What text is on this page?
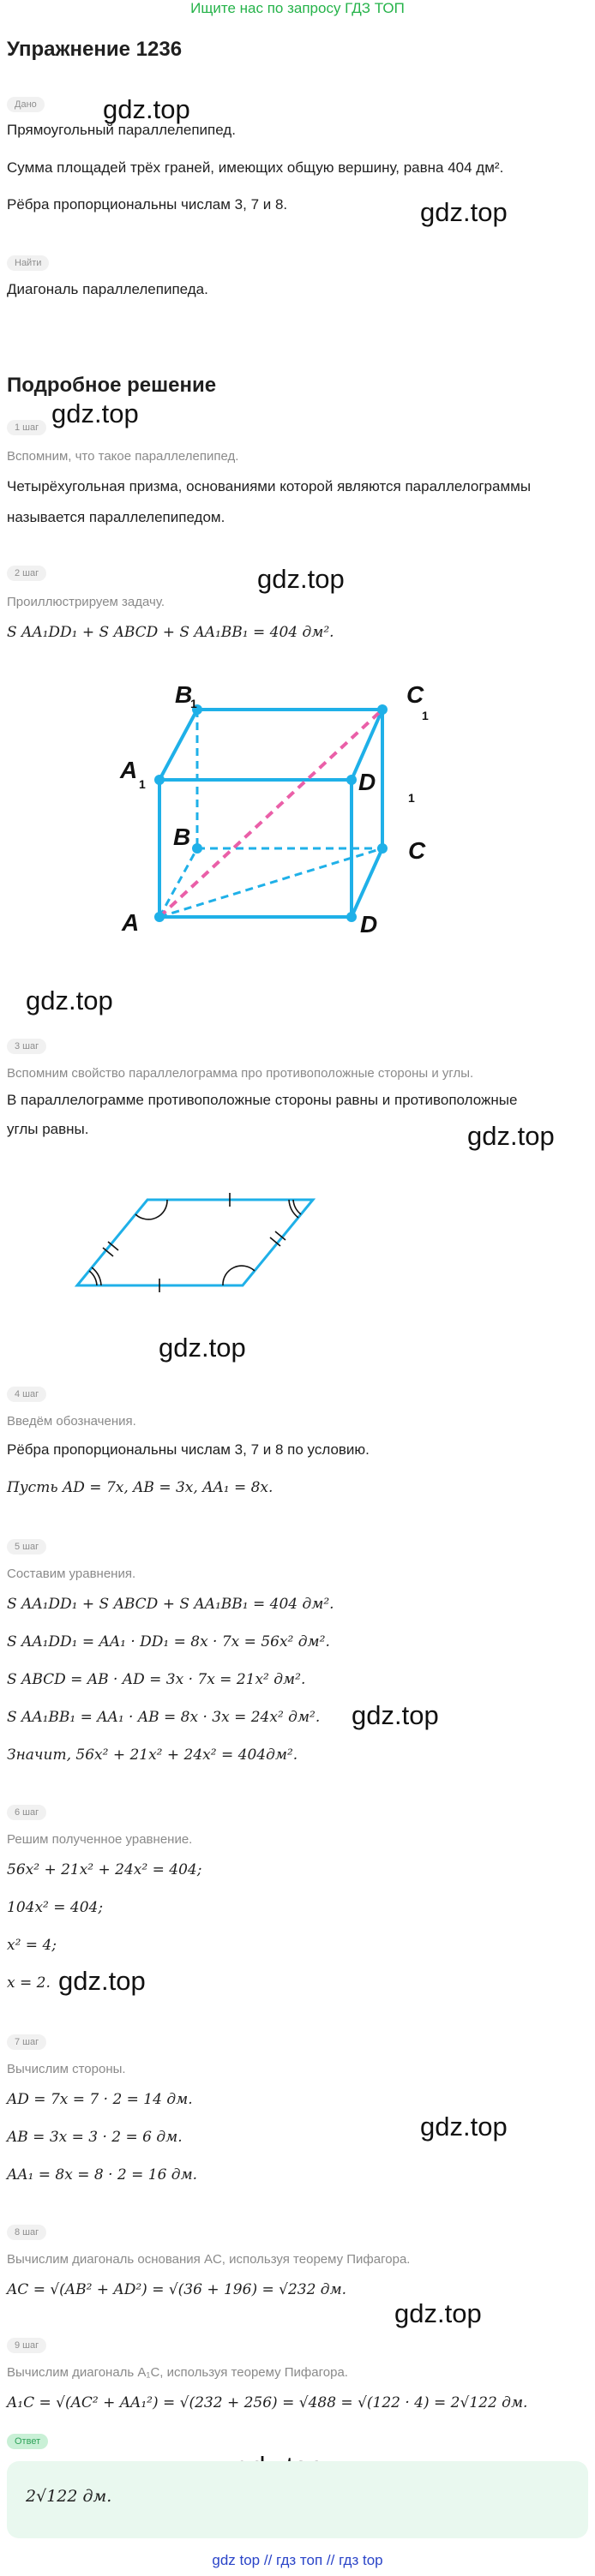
Ищите нас по запросу ГДЗ ТОП
Упражнение 1236
Дано gdz.top
Прямоугольный параллелепипед.
Сумма площадей трёх граней, имеющих общую вершину, равна 404 дм².
Рёбра пропорциональны числам 3, 7 и 8.	gdz.top
Найти
Диагональ параллелепипеда.
Подробное решение
1 шаг gdz.top
Вспомним, что такое параллелепипед.
Четырёхугольная призма, основаниями которой являются параллелограммы
называется параллелепипедом.
2 шаг	gdz.top
Проиллюстрируем задачу.
S AA₁DD₁ + S ABCD + S AA₁BB₁ = 404 дм².
B
1	C
1
A
1	D
1
B
C
A	D
gdz.top
3 шаг
Вспомним свойство параллелограмма про противоположные стороны и углы.
В параллелограмме противоположные стороны равны и противоположные
углы равны.	gdz.top
gdz.top
4 шаг
Введём обозначения.
Рёбра пропорциональны числам 3, 7 и 8 по условию.
Пусть AD = 7x, AB = 3x, AA₁ = 8x.
5 шаг
Составим уравнения.
S AA₁DD₁ + S ABCD + S AA₁BB₁ = 404 дм².
S AA₁DD₁ = AA₁ · DD₁ = 8x · 7x = 56x² дм².
S ABCD = AB · AD = 3x · 7x = 21x² дм².
S AA₁BB₁ = AA₁ · AB = 8x · 3x = 24x² дм². gdz.top
Значит, 56x² + 21x² + 24x² = 404дм².
6 шаг
Решим полученное уравнение.
56x² + 21x² + 24x² = 404;
104x² = 404;
x² = 4;
x = 2. gdz.top
7 шаг
Вычислим стороны.
AD = 7x = 7 · 2 = 14 дм.
gdz.top
AB = 3x = 3 · 2 = 6 дм.
AA₁ = 8x = 8 · 2 = 16 дм.
8 шаг
Вычислим диагональ основания AC, используя теорему Пифагора.
AC = √(AB² + AD²) = √(36 + 196) = √232 дм.
gdz.top
9 шаг
Вычислим диагональ A₁C, используя теорему Пифагора.
A₁C = √(AC² + AA₁²) = √(232 + 256) = √488 = √(122 · 4) = 2√122 дм.
Ответ
2√122 дм.
gdz top // гдз топ // гдз top
